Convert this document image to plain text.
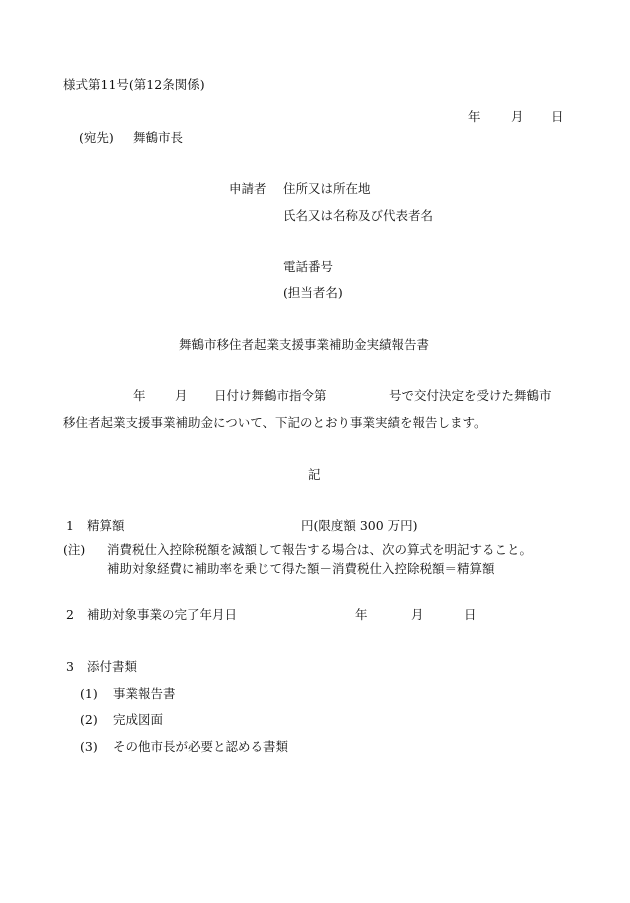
様式第11号(第12条関係)
年 月 日
(宛先) 舞鶴市長
申請者 住所又は所在地
氏名又は名称及び代表者名
電話番号
(担当者名)
舞鶴市移住者起業支援事業補助金実績報告書
年 月 日付け舞鶴市指令第	号で交付決定を受けた舞鶴市
移住者起業支援事業補助金について、下記のとおり事業実績を報告します。
記
1 精算額	円(限度額 300 万円)
(注) 消費税仕入控除税額を減額して報告する場合は、次の算式を明記すること。
補助対象経費に補助率を乗じて得た額－消費税仕入控除税額＝精算額
2 補助対象事業の完了年月日	年	月	日
3 添付書類
(1) 事業報告書
(2) 完成図面
(3) その他市長が必要と認める書類
